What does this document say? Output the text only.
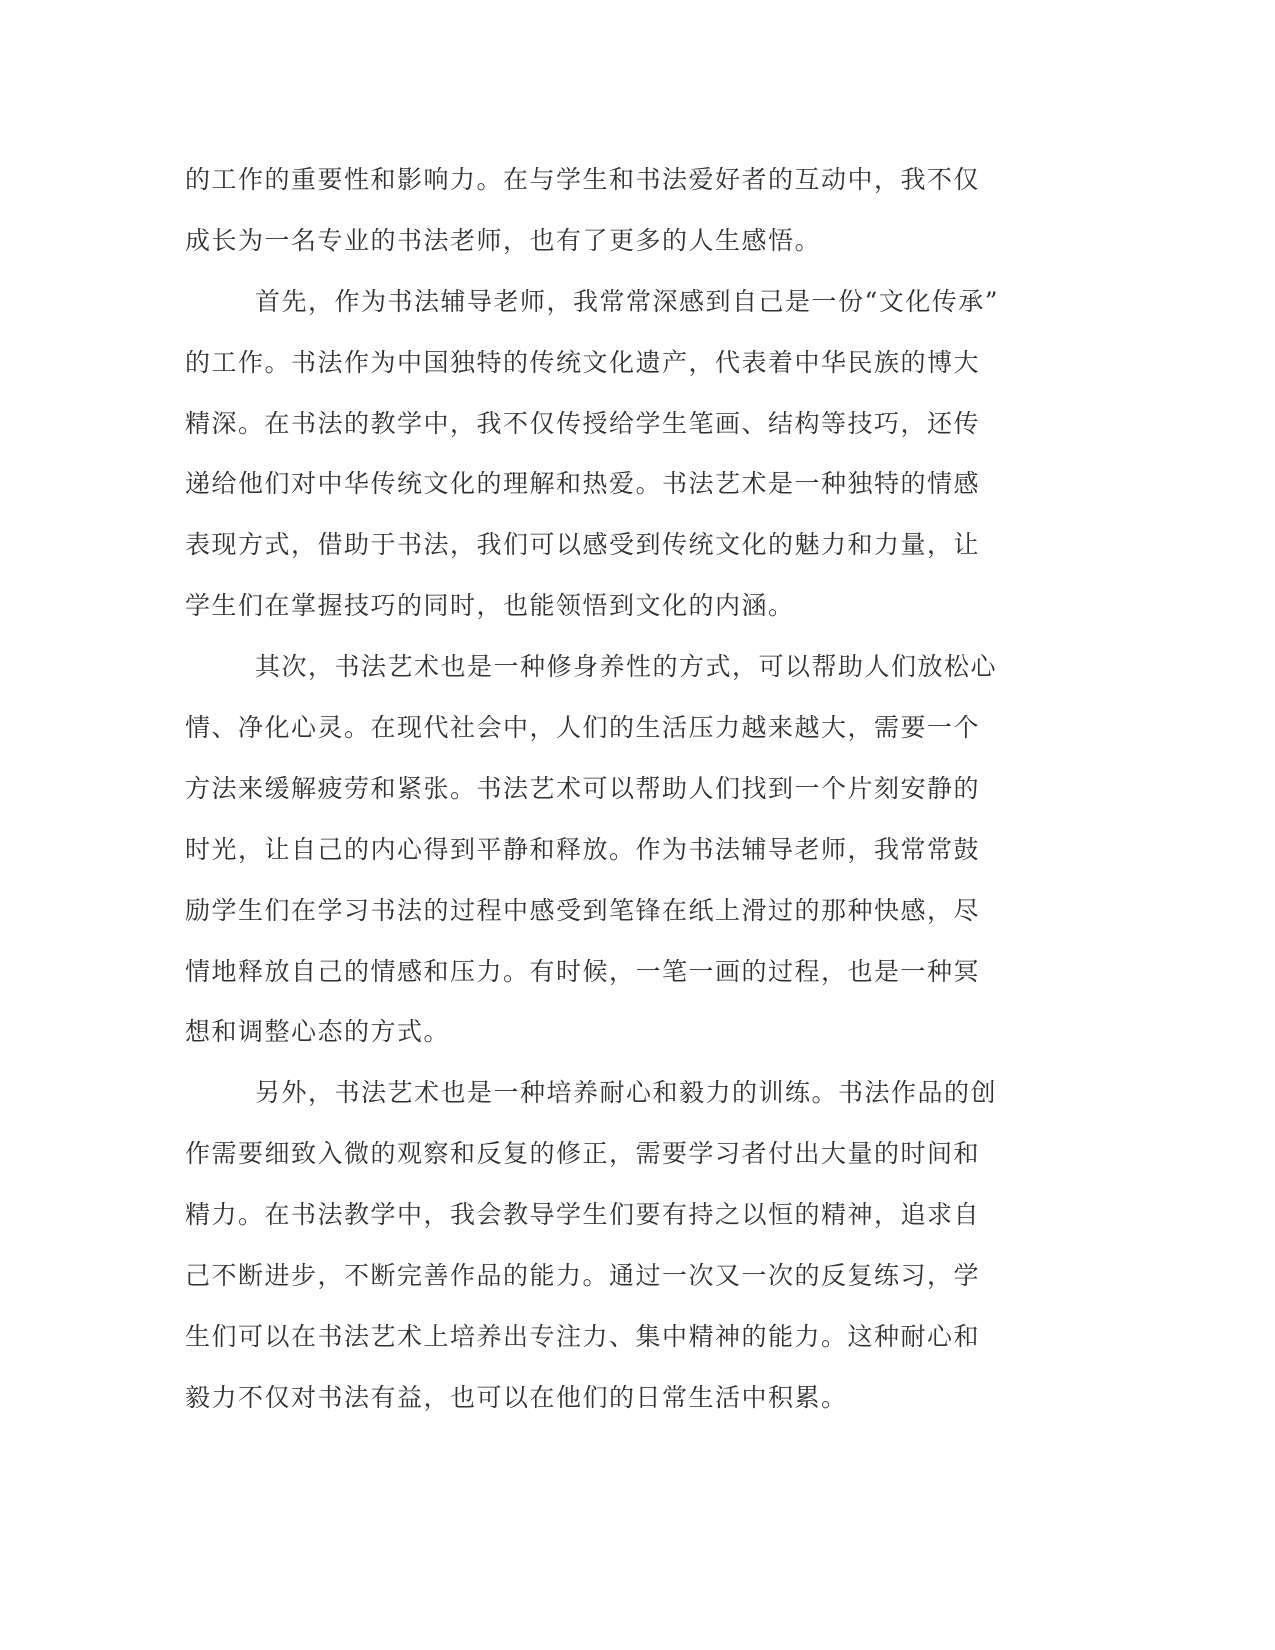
的工作的重要性和影响力。在与学生和书法爱好者的互动中，我不仅
成长为一名专业的书法老师，也有了更多的人生感悟。
首先，作为书法辅导老师，我常常深感到自己是一份“文化传承”
的工作。书法作为中国独特的传统文化遗产，代表着中华民族的博大
精深。在书法的教学中，我不仅传授给学生笔画、结构等技巧，还传
递给他们对中华传统文化的理解和热爱。书法艺术是一种独特的情感
表现方式，借助于书法，我们可以感受到传统文化的魅力和力量，让
学生们在掌握技巧的同时，也能领悟到文化的内涵。
其次，书法艺术也是一种修身养性的方式，可以帮助人们放松心
情、净化心灵。在现代社会中，人们的生活压力越来越大，需要一个
方法来缓解疲劳和紧张。书法艺术可以帮助人们找到一个片刻安静的
时光，让自己的内心得到平静和释放。作为书法辅导老师，我常常鼓
励学生们在学习书法的过程中感受到笔锋在纸上滑过的那种快感，尽
情地释放自己的情感和压力。有时候，一笔一画的过程，也是一种冥
想和调整心态的方式。
另外，书法艺术也是一种培养耐心和毅力的训练。书法作品的创
作需要细致入微的观察和反复的修正，需要学习者付出大量的时间和
精力。在书法教学中，我会教导学生们要有持之以恒的精神，追求自
己不断进步，不断完善作品的能力。通过一次又一次的反复练习，学
生们可以在书法艺术上培养出专注力、集中精神的能力。这种耐心和
毅力不仅对书法有益，也可以在他们的日常生活中积累。
